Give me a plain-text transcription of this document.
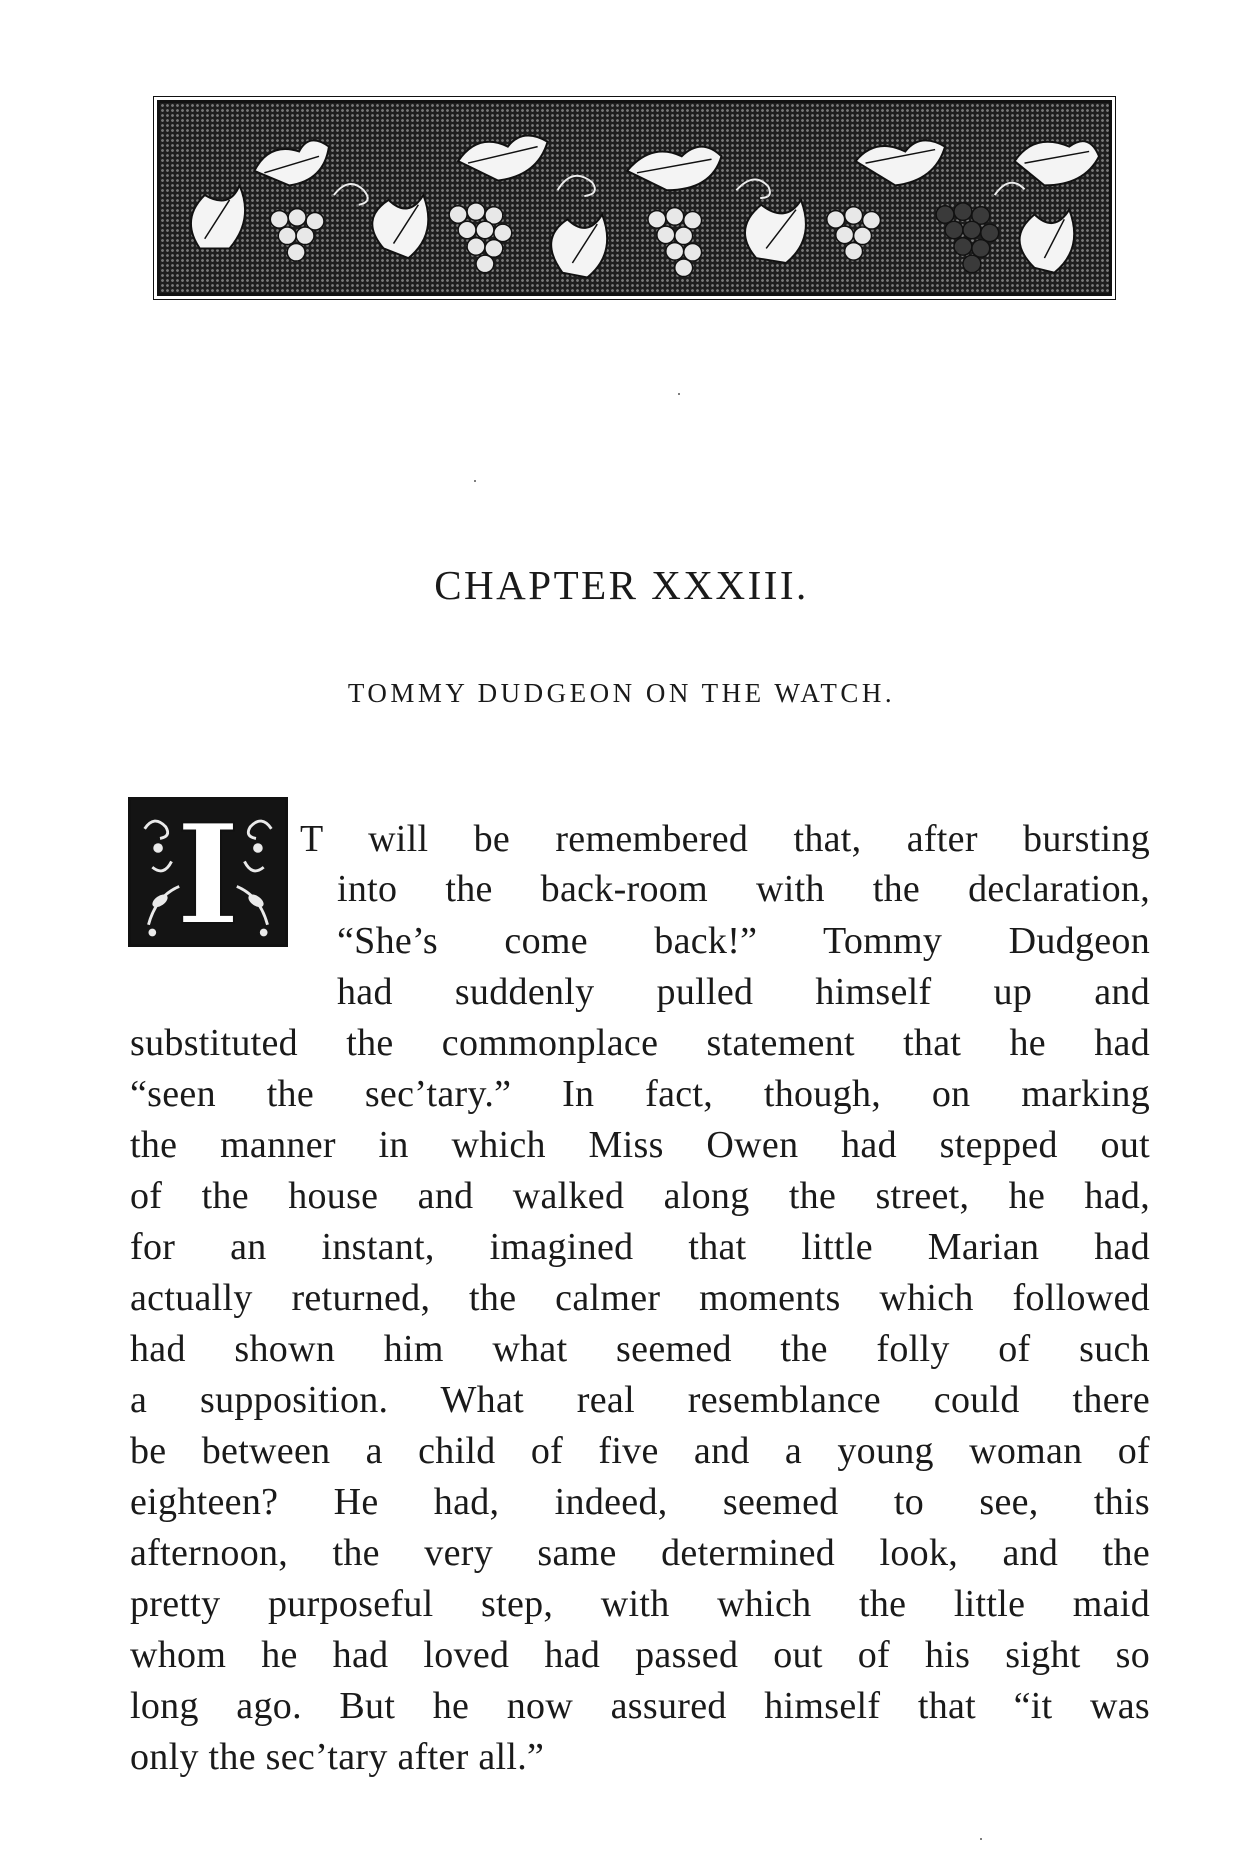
CHAPTER XXXIII.
TOMMY DUDGEON ON THE WATCH.
I	T will be remembered that, after bursting

into the back-room with the declaration,

“She’s come back!” Tommy Dudgeon

had suddenly pulled himself up and

substituted the commonplace statement that he had

“seen the sec’tary.” In fact, though, on marking

the manner in which Miss Owen had stepped out

of the house and walked along the street, he had,

for an instant, imagined that little Marian had

actually returned, the calmer moments which followed

had shown him what seemed the folly of such

a supposition. What real resemblance could there

be between a child of five and a young woman of

eighteen? He had, indeed, seemed to see, this

afternoon, the very same determined look, and the

pretty purposeful step, with which the little maid

whom he had loved had passed out of his sight so

long ago. But he now assured himself that “it was

only the sec’tary after all.”
